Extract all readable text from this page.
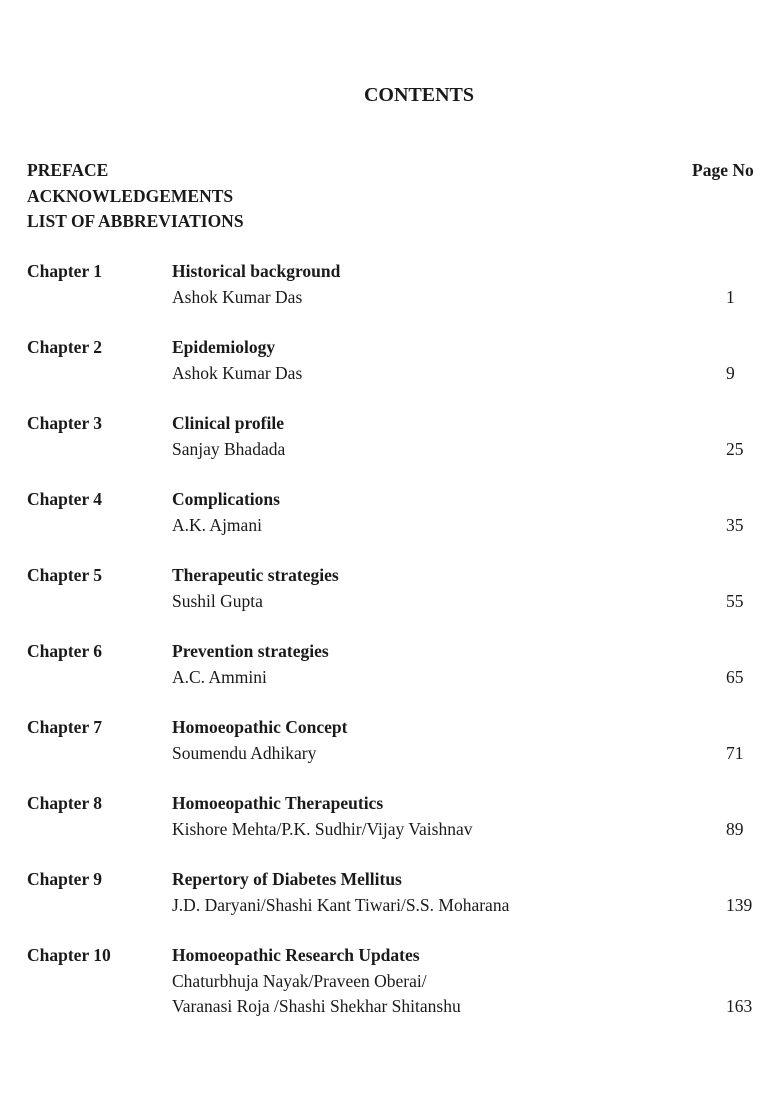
CONTENTS
PREFACE
ACKNOWLEDGEMENTS
LIST OF ABBREVIATIONS
Page No
Chapter 1	Historical background
Ashok Kumar Das	1
Chapter 2	Epidemiology
Ashok Kumar Das	9
Chapter 3	Clinical profile
Sanjay Bhadada	25
Chapter 4	Complications
A.K. Ajmani	35
Chapter 5	Therapeutic strategies
Sushil Gupta	55
Chapter 6	Prevention strategies
A.C. Ammini	65
Chapter 7	Homoeopathic Concept
Soumendu Adhikary	71
Chapter 8	Homoeopathic Therapeutics
Kishore Mehta/P.K. Sudhir/Vijay Vaishnav	89
Chapter 9	Repertory of Diabetes Mellitus
J.D. Daryani/Shashi Kant Tiwari/S.S. Moharana	139
Chapter 10	Homoeopathic Research Updates
Chaturbhuja Nayak/Praveen Oberai/
Varanasi Roja /Shashi Shekhar Shitanshu	163
